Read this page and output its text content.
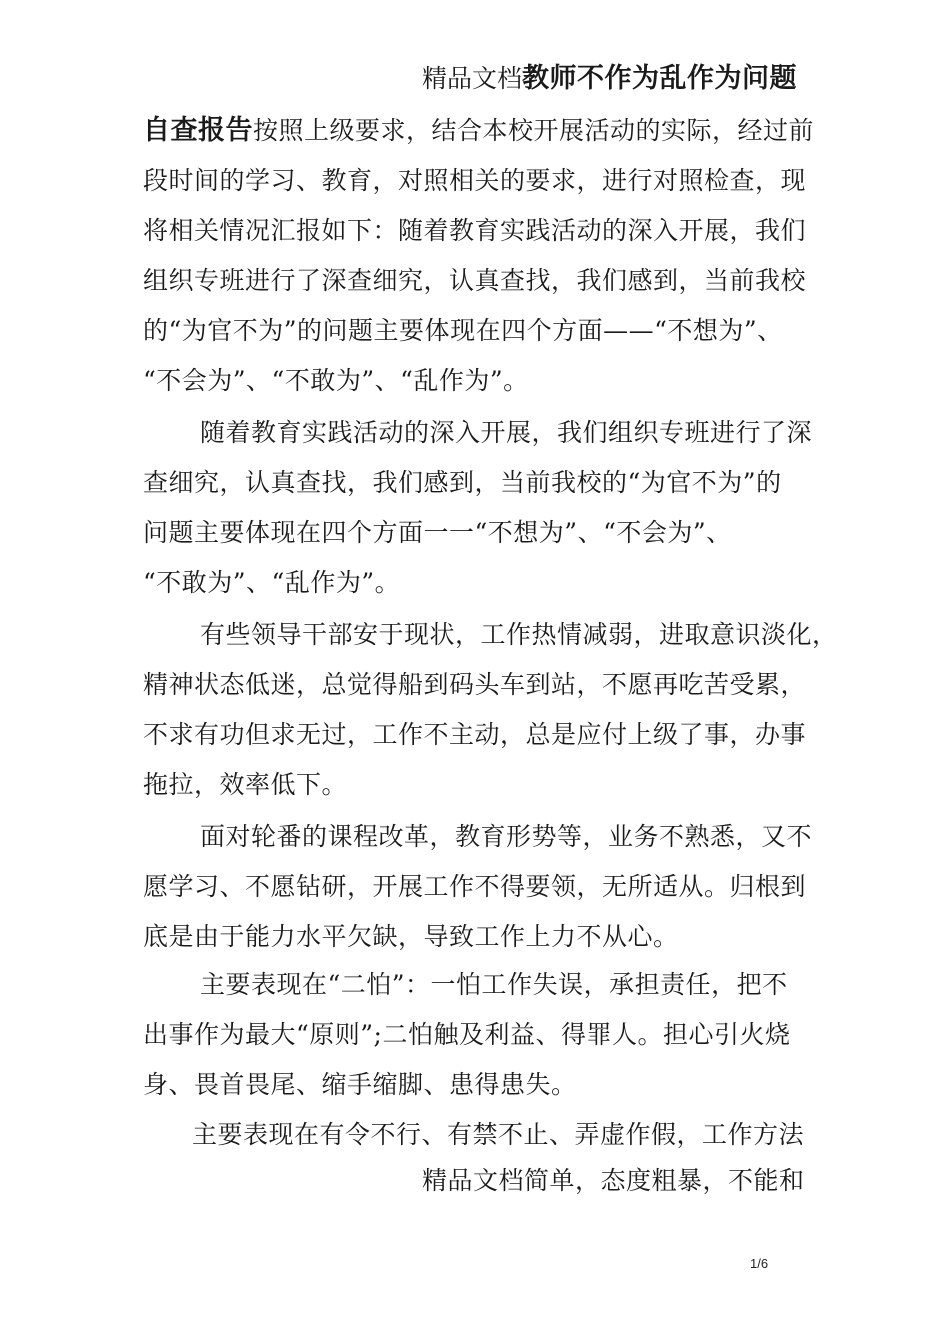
精品文档教师不作为乱作为问题
自查报告按照上级要求，结合本校开展活动的实际，经过前
段时间的学习、教育，对照相关的要求，进行对照检查，现
将相关情况汇报如下：随着教育实践活动的深入开展，我们
组织专班进行了深查细究，认真查找，我们感到，当前我校
的“为官不为”的问题主要体现在四个方面——“不想为”、
“不会为”、“不敢为”、“乱作为”。
随着教育实践活动的深入开展，我们组织专班进行了深
查细究，认真查找，我们感到，当前我校的“为官不为”的
问题主要体现在四个方面一一“不想为”、“不会为”、
“不敢为”、“乱作为”。
有些领导干部安于现状，工作热情减弱，进取意识淡化，
精神状态低迷，总觉得船到码头车到站，不愿再吃苦受累，
不求有功但求无过，工作不主动，总是应付上级了事，办事
拖拉，效率低下。
面对轮番的课程改革，教育形势等，业务不熟悉，又不
愿学习、不愿钻研，开展工作不得要领，无所适从。归根到
底是由于能力水平欠缺，导致工作上力不从心。
主要表现在“二怕”：一怕工作失误，承担责任，把不
出事作为最大“原则”;二怕触及利益、得罪人。担心引火烧
身、畏首畏尾、缩手缩脚、患得患失。
主要表现在有令不行、有禁不止、弄虚作假，工作方法
精品文档简单，态度粗暴，不能和
1/6
